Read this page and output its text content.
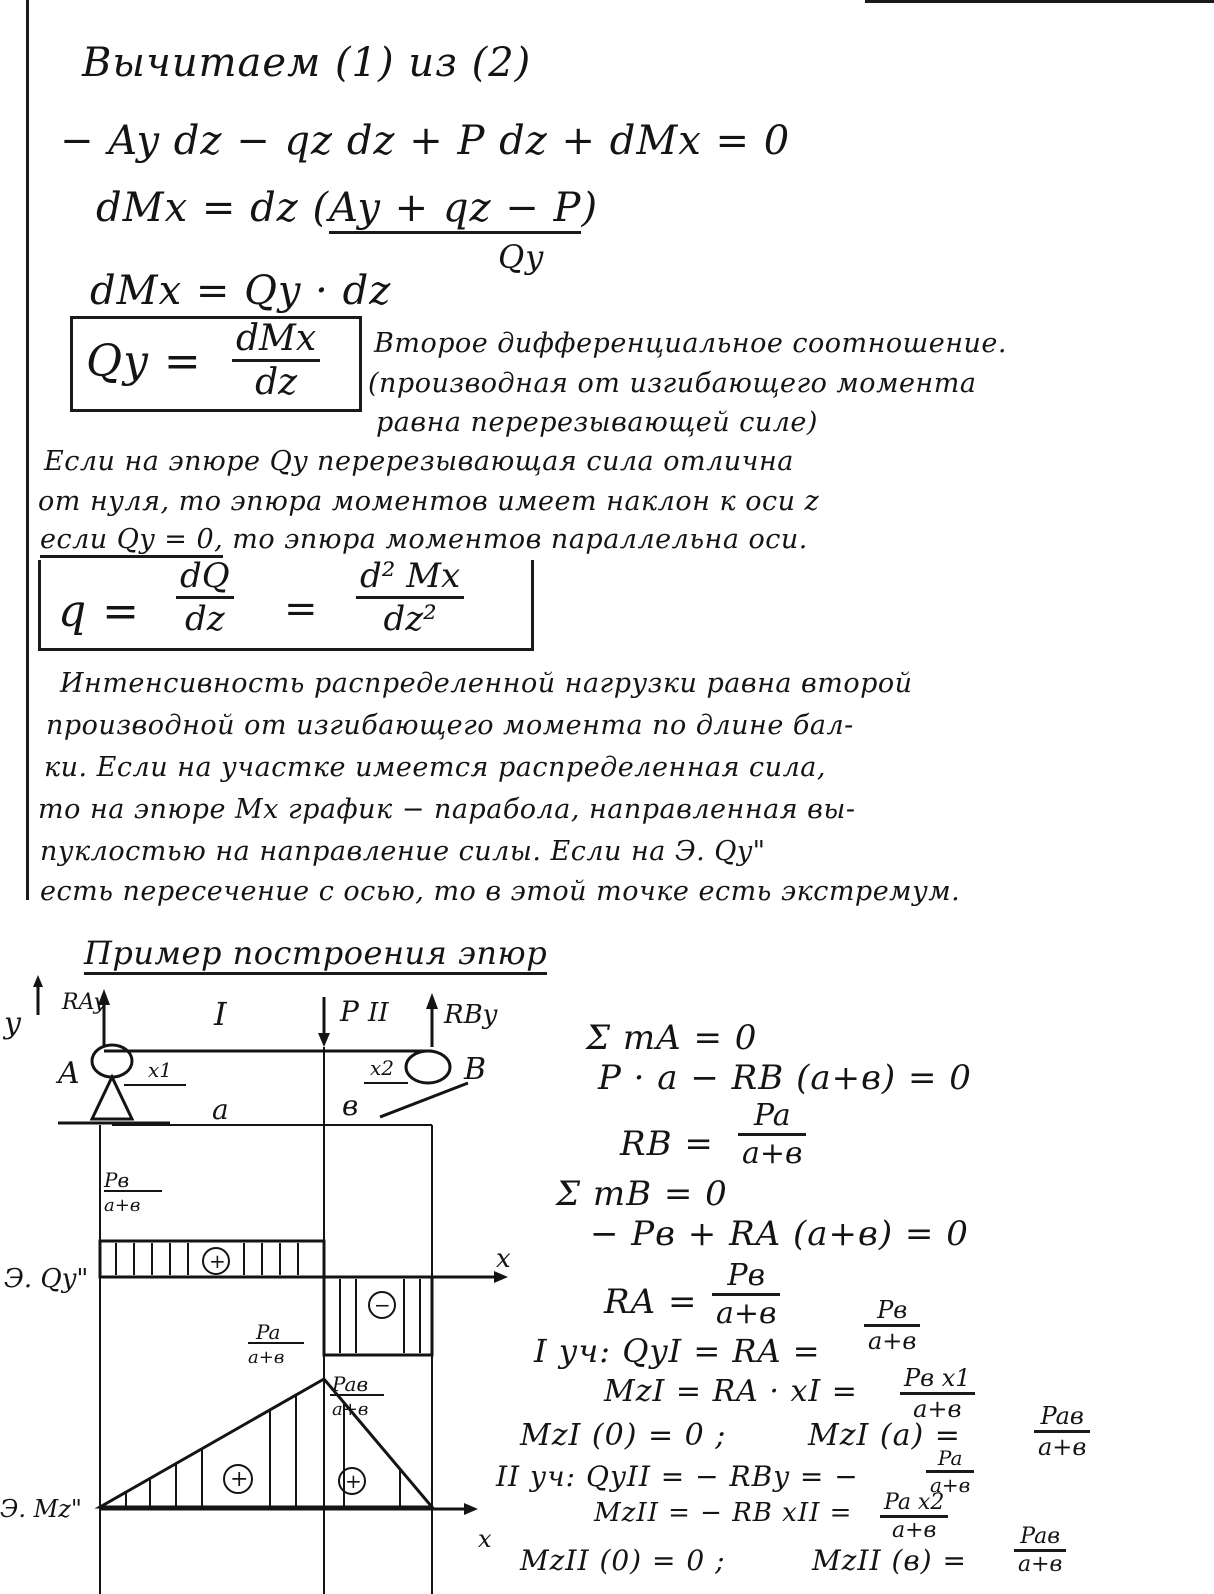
Вычитаем (1) из (2)
− Ay dz − qz dz + P dz + dMx = 0
dMx = dz (Ay + qz − P)
Qy
dMx = Qy · dz
Qy = dMx
dz
Второе дифференциальное соотношение.
(производная от изгибающего момента
равна перерезывающей силе)
Если на эпюре Qy перерезывающая сила отлична
от нуля, то эпюра моментов имеет наклон к оси z
если Qy = 0, то эпюра моментов параллельна оси.
$q = \frac{dQ}{dz} = \frac{\text{d² Mx}}{\text{dz²}}$
Интенсивность распределенной нагрузки равна второй
производной от изгибающего момента по длине бал-
ки. Если на участке имеется распределенная сила,
то на эпюре Mx график − парабола, направленная вы-
пуклостью на направление силы. Если на Э. Qy"
есть пересечение с осью, то в этой точке есть экстремум.
Пример построения эпюр
y
RAy	I	P II RBy
A	B
x1	x2
a	в
Pв
a+в
+	x
Э. Qy"
−
Pa
a+в
+	+
Paв
a+в
x
Э. Mz"
Σ mA = 0
P · a − RB (a+в) = 0
RB =
Pa
a+в
Σ mB = 0
− Pв + RA (a+в) = 0
RA =
Pв
a+в
I уч: QyI = RA =
Pв
a+в
MzI = RA · xI = Pв x1
a+в
MzI (0) = 0 ;	MzI (a) =
Paв
a+в
II уч: QyII = − RBy = −
Pa
a+в
MzII = − RB xII = Pa x2
a+в
MzII (0) = 0 ;	MzII (в) =
Paв
a+в
